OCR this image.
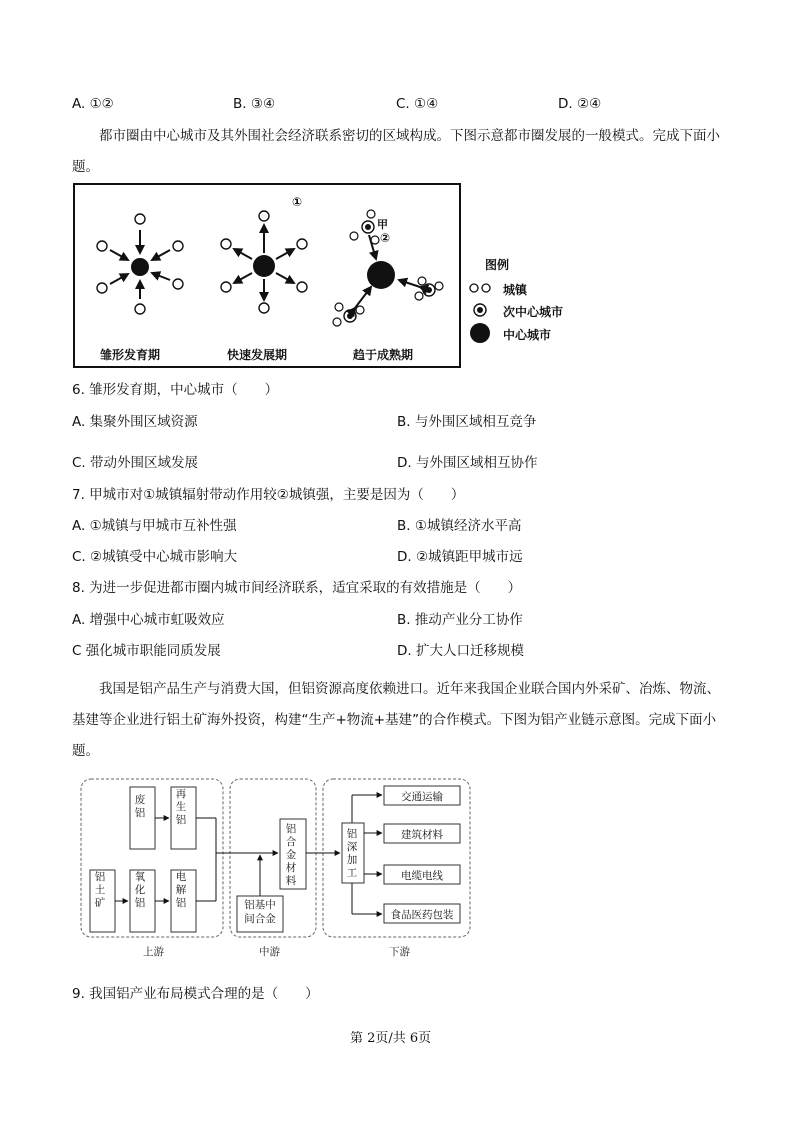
A. ①②	B. ③④	C. ①④	D. ②④
都市圈由中心城市及其外围社会经济联系密切的区域构成。下图示意都市圈发展的一般模式。完成下面小题。
①
甲
②
雏形发育期	快速发展期	趋于成熟期
图例
城镇
次中心城市
中心城市
6. 雏形发育期，中心城市（　　）
A. 集聚外围区域资源	B. 与外围区域相互竞争
C. 带动外围区域发展	D. 与外围区域相互协作
7. 甲城市对①城镇辐射带动作用较②城镇强，主要是因为（　　）
A. ①城镇与甲城市互补性强	B. ①城镇经济水平高
C. ②城镇受中心城市影响大	D. ②城镇距甲城市远
8. 为进一步促进都市圈内城市间经济联系，适宜采取的有效措施是（　　）
A. 增强中心城市虹吸效应	B. 推动产业分工协作
C 强化城市职能同质发展	D. 扩大人口迁移规模
我国是铝产品生产与消费大国，但铝资源高度依赖进口。近年来我国企业联合国内外采矿、冶炼、物流、基建等企业进行铝土矿海外投资，构建“生产+物流+基建”的合作模式。下图为铝产业链示意图。完成下面小题。
废铝
再生铝
铝土矿
氧化铝
电解铝
铝合金材料
铝基中间合金
铝深加工
交通运输
建筑材料
电缆电线
食品医药包装
上游	中游	下游
9. 我国铝产业布局模式合理的是（　　）
第 2页/共 6页
